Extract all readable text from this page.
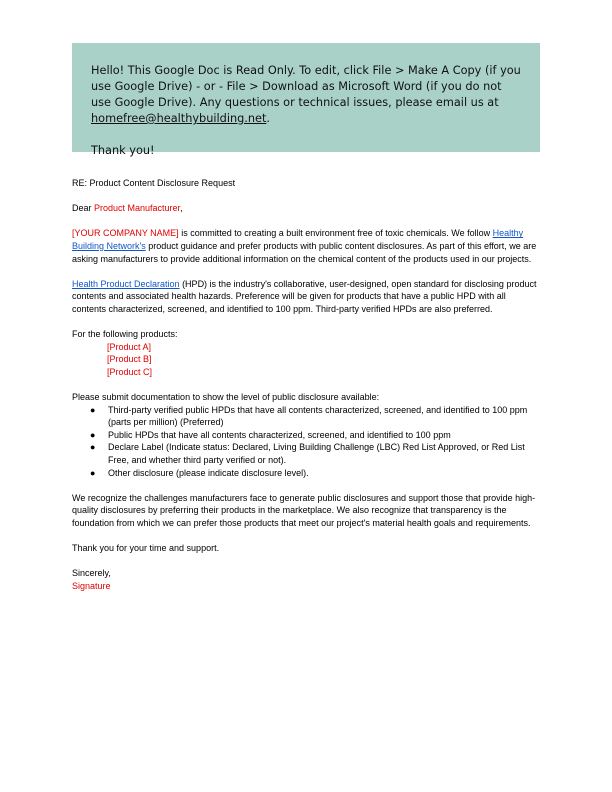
Hello! This Google Doc is Read Only. To edit, click File > Make A Copy (if you use Google Drive) - or - File > Download as Microsoft Word (if you do not use Google Drive). Any questions or technical issues, please email us at homefree@healthybuilding.net.

Thank you!

RE: Product Content Disclosure Request

Dear Product Manufacturer,

[YOUR COMPANY NAME] is committed to creating a built environment free of toxic chemicals. We follow Healthy Building Network's product guidance and prefer products with public content disclosures. As part of this effort, we are asking manufacturers to provide additional information on the chemical content of the products used in our projects.

Health Product Declaration (HPD) is the industry's collaborative, user-designed, open standard for disclosing product contents and associated health hazards. Preference will be given for products that have a public HPD with all contents characterized, screened, and identified to 100 ppm. Third-party verified HPDs are also preferred.

For the following products:
[Product A]
[Product B]
[Product C]

Please submit documentation to show the level of public disclosure available:
● Third-party verified public HPDs that have all contents characterized, screened, and identified to 100 ppm (parts per million) (Preferred)
● Public HPDs that have all contents characterized, screened, and identified to 100 ppm
● Declare Label (Indicate status: Declared, Living Building Challenge (LBC) Red List Approved, or Red List Free, and whether third party verified or not).
● Other disclosure (please indicate disclosure level).

We recognize the challenges manufacturers face to generate public disclosures and support those that provide high-quality disclosures by preferring their products in the marketplace. We also recognize that transparency is the foundation from which we can prefer those products that meet our project's material health goals and requirements.

Thank you for your time and support.

Sincerely,
Signature
